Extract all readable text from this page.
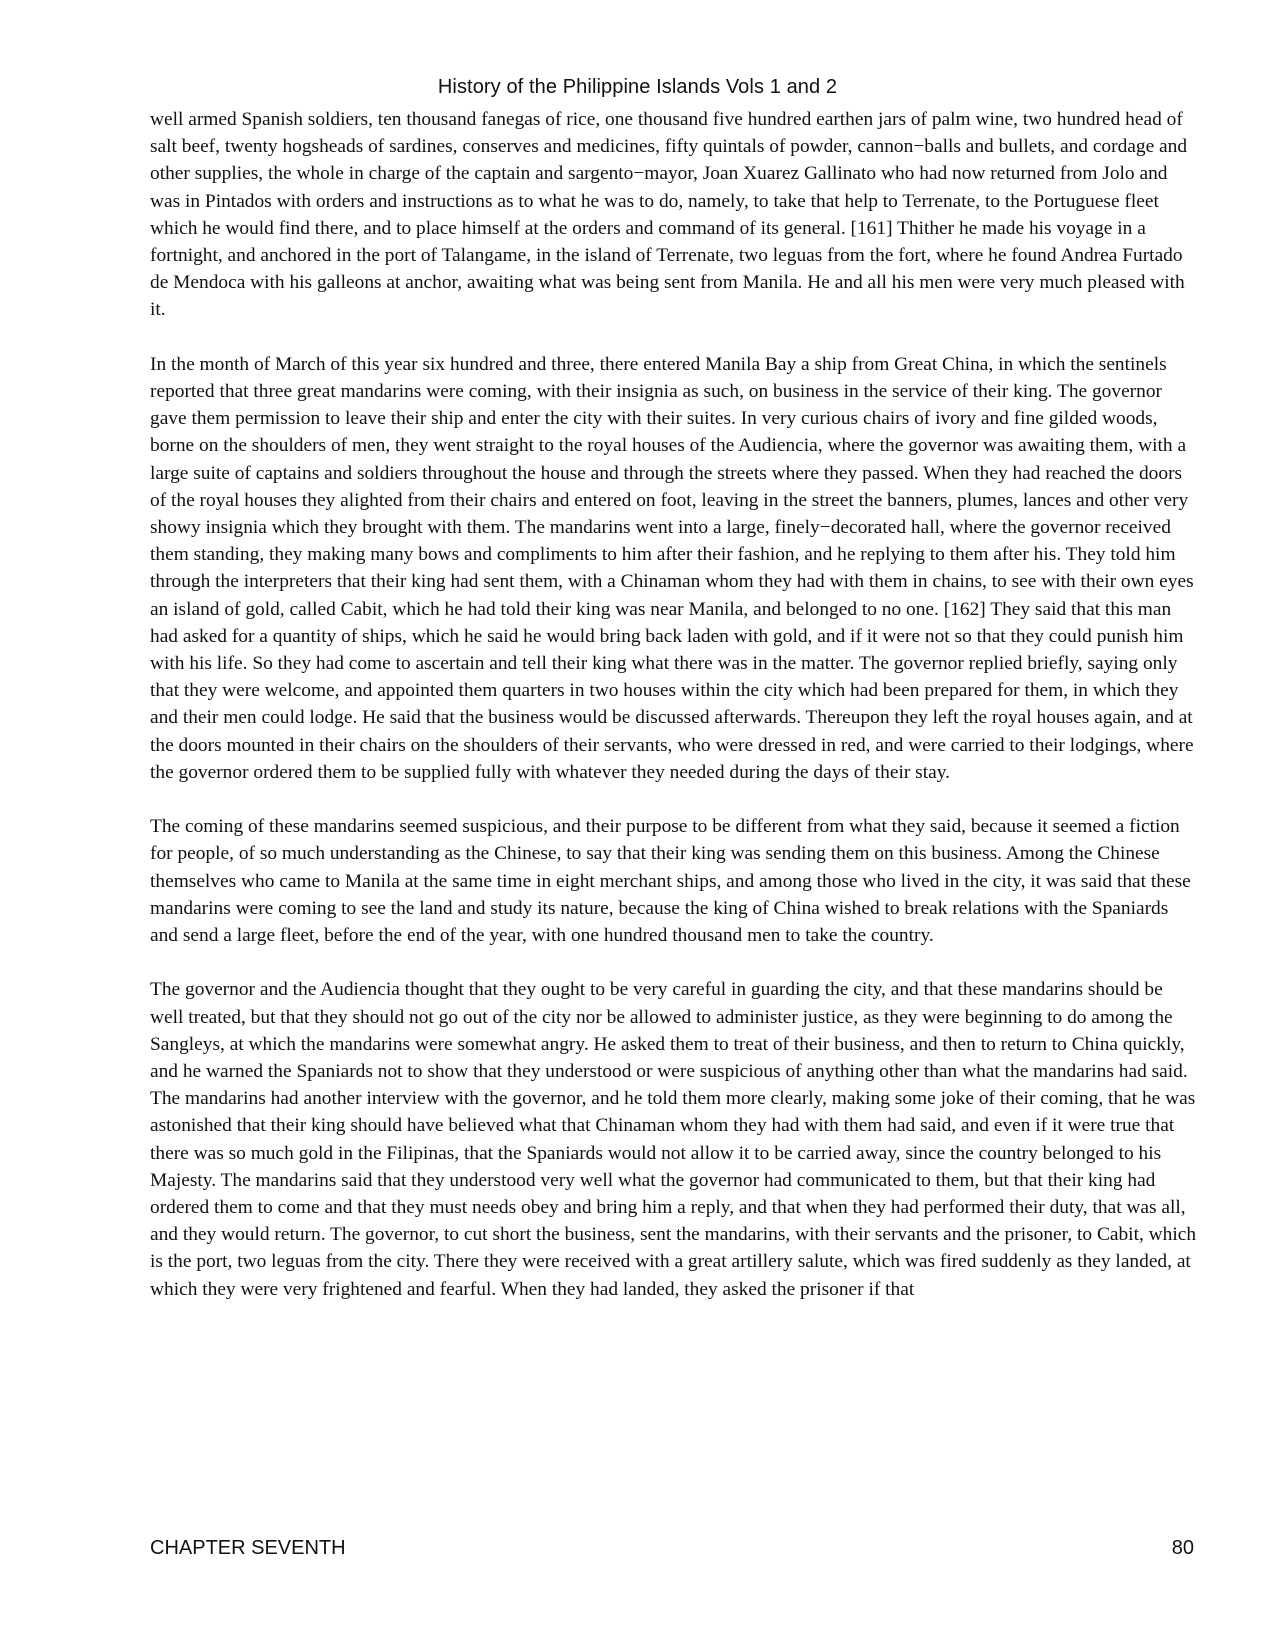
History of the Philippine Islands Vols 1 and 2

well armed Spanish soldiers, ten thousand fanegas of rice, one thousand five hundred earthen jars of palm wine, two hundred head of salt beef, twenty hogsheads of sardines, conserves and medicines, fifty quintals of powder, cannon−balls and bullets, and cordage and other supplies, the whole in charge of the captain and sargento−mayor, Joan Xuarez Gallinato who had now returned from Jolo and was in Pintados with orders and instructions as to what he was to do, namely, to take that help to Terrenate, to the Portuguese fleet which he would find there, and to place himself at the orders and command of its general. [161] Thither he made his voyage in a fortnight, and anchored in the port of Talangame, in the island of Terrenate, two leguas from the fort, where he found Andrea Furtado de Mendoca with his galleons at anchor, awaiting what was being sent from Manila. He and all his men were very much pleased with it.

In the month of March of this year six hundred and three, there entered Manila Bay a ship from Great China, in which the sentinels reported that three great mandarins were coming, with their insignia as such, on business in the service of their king. The governor gave them permission to leave their ship and enter the city with their suites. In very curious chairs of ivory and fine gilded woods, borne on the shoulders of men, they went straight to the royal houses of the Audiencia, where the governor was awaiting them, with a large suite of captains and soldiers throughout the house and through the streets where they passed. When they had reached the doors of the royal houses they alighted from their chairs and entered on foot, leaving in the street the banners, plumes, lances and other very showy insignia which they brought with them. The mandarins went into a large, finely−decorated hall, where the governor received them standing, they making many bows and compliments to him after their fashion, and he replying to them after his. They told him through the interpreters that their king had sent them, with a Chinaman whom they had with them in chains, to see with their own eyes an island of gold, called Cabit, which he had told their king was near Manila, and belonged to no one. [162] They said that this man had asked for a quantity of ships, which he said he would bring back laden with gold, and if it were not so that they could punish him with his life. So they had come to ascertain and tell their king what there was in the matter. The governor replied briefly, saying only that they were welcome, and appointed them quarters in two houses within the city which had been prepared for them, in which they and their men could lodge. He said that the business would be discussed afterwards. Thereupon they left the royal houses again, and at the doors mounted in their chairs on the shoulders of their servants, who were dressed in red, and were carried to their lodgings, where the governor ordered them to be supplied fully with whatever they needed during the days of their stay.

The coming of these mandarins seemed suspicious, and their purpose to be different from what they said, because it seemed a fiction for people, of so much understanding as the Chinese, to say that their king was sending them on this business. Among the Chinese themselves who came to Manila at the same time in eight merchant ships, and among those who lived in the city, it was said that these mandarins were coming to see the land and study its nature, because the king of China wished to break relations with the Spaniards and send a large fleet, before the end of the year, with one hundred thousand men to take the country.

The governor and the Audiencia thought that they ought to be very careful in guarding the city, and that these mandarins should be well treated, but that they should not go out of the city nor be allowed to administer justice, as they were beginning to do among the Sangleys, at which the mandarins were somewhat angry. He asked them to treat of their business, and then to return to China quickly, and he warned the Spaniards not to show that they understood or were suspicious of anything other than what the mandarins had said. The mandarins had another interview with the governor, and he told them more clearly, making some joke of their coming, that he was astonished that their king should have believed what that Chinaman whom they had with them had said, and even if it were true that there was so much gold in the Filipinas, that the Spaniards would not allow it to be carried away, since the country belonged to his Majesty. The mandarins said that they understood very well what the governor had communicated to them, but that their king had ordered them to come and that they must needs obey and bring him a reply, and that when they had performed their duty, that was all, and they would return. The governor, to cut short the business, sent the mandarins, with their servants and the prisoner, to Cabit, which is the port, two leguas from the city. There they were received with a great artillery salute, which was fired suddenly as they landed, at which they were very frightened and fearful. When they had landed, they asked the prisoner if that

CHAPTER SEVENTH	80
